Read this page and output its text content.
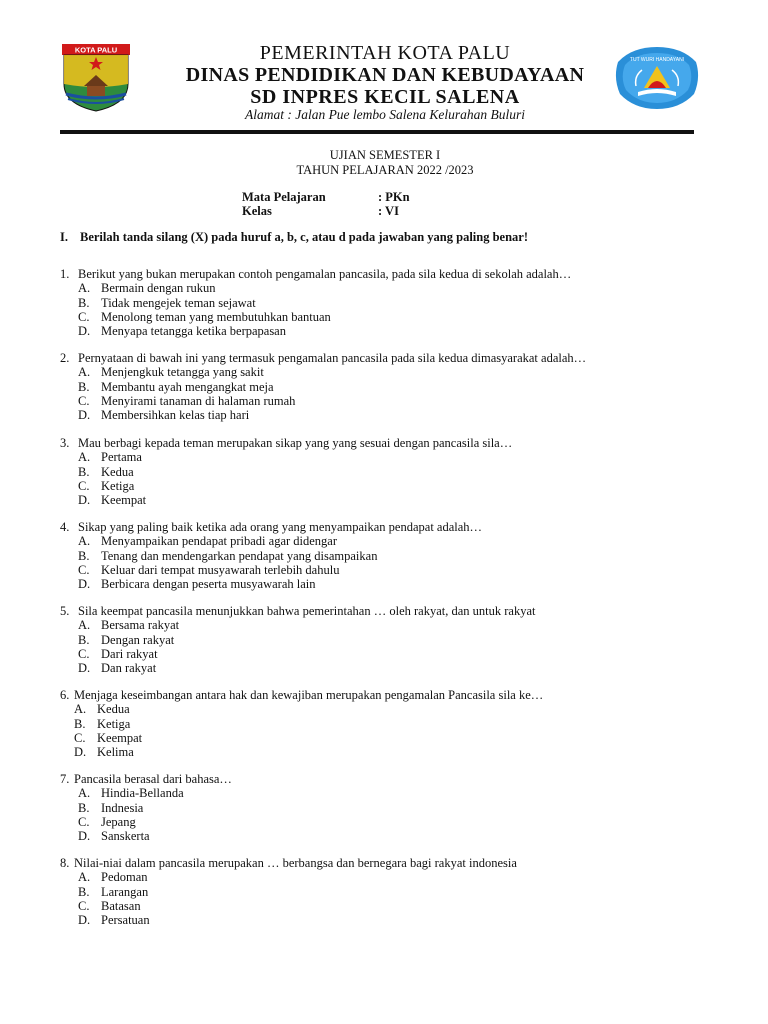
KOTA PALU	PEMERINTAH KOTA PALU
DINAS PENDIDIKAN DAN KEBUDAYAAN
SD INPRES KECIL SALENA
Alamat : Jalan Pue lembo Salena Kelurahan Buluri
TUT WURI HANDAYANI
UJIAN SEMESTER I
TAHUN PELAJARAN 2022 /2023
Mata Pelajaran	: PKn
Kelas	: VI
I. Berilah tanda silang (X) pada huruf a, b, c, atau d pada jawaban yang paling benar!
1. Berikut yang bukan merupakan contoh pengamalan pancasila, pada sila kedua di sekolah adalah…
A. Bermain dengan rukun
B. Tidak mengejek teman sejawat
C. Menolong teman yang membutuhkan bantuan
D. Menyapa tetangga ketika berpapasan
2. Pernyataan di bawah ini yang termasuk pengamalan pancasila pada sila kedua dimasyarakat adalah…
A. Menjengkuk tetangga yang sakit
B. Membantu ayah mengangkat meja
C. Menyirami tanaman di halaman rumah
D. Membersihkan kelas tiap hari
3. Mau berbagi kepada teman merupakan sikap yang yang sesuai dengan pancasila sila…
A. Pertama
B. Kedua
C. Ketiga
D. Keempat
4. Sikap yang paling baik ketika ada orang yang menyampaikan pendapat adalah…
A. Menyampaikan pendapat pribadi agar didengar
B. Tenang dan mendengarkan pendapat yang disampaikan
C. Keluar dari tempat musyawarah terlebih dahulu
D. Berbicara dengan peserta musyawarah lain
5. Sila keempat pancasila menunjukkan bahwa pemerintahan … oleh rakyat, dan untuk rakyat
A. Bersama rakyat
B. Dengan rakyat
C. Dari rakyat
D. Dan rakyat
6. Menjaga keseimbangan antara hak dan kewajiban merupakan pengamalan Pancasila sila ke…
A. Kedua
B. Ketiga
C. Keempat
D. Kelima
7. Pancasila berasal dari bahasa…
A. Hindia-Bellanda
B. Indnesia
C. Jepang
D. Sanskerta
8. Nilai-niai dalam pancasila merupakan … berbangsa dan bernegara bagi rakyat indonesia
A. Pedoman
B. Larangan
C. Batasan
D. Persatuan
